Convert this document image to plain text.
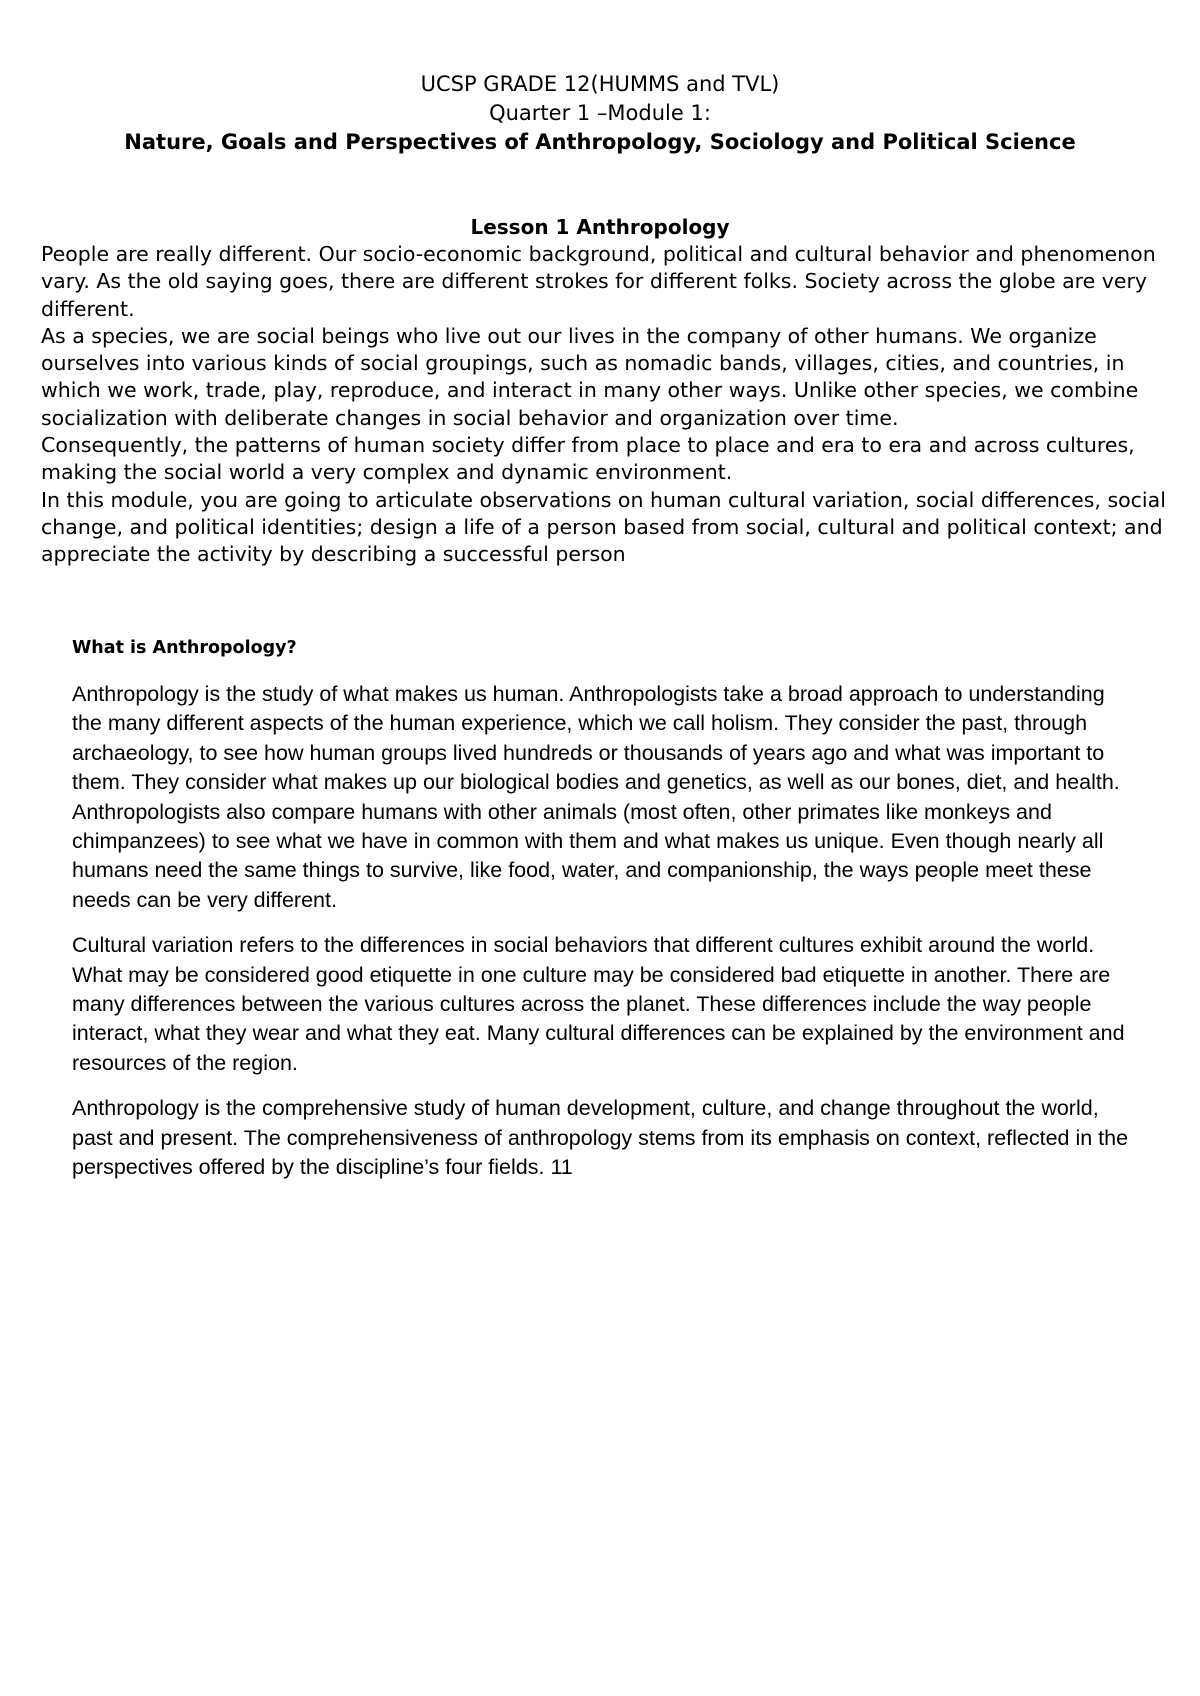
UCSP GRADE 12(HUMMS and TVL)
Quarter 1 –Module 1:
Nature, Goals and Perspectives of Anthropology, Sociology and Political Science
Lesson 1 Anthropology

People are really different. Our socio-economic background, political and cultural behavior and phenomenon vary. As the old saying goes, there are different strokes for different folks. Society across the globe are very different.

As a species, we are social beings who live out our lives in the company of other humans. We organize ourselves into various kinds of social groupings, such as nomadic bands, villages, cities, and countries, in which we work, trade, play, reproduce, and interact in many other ways. Unlike other species, we combine socialization with deliberate changes in social behavior and organization over time.

Consequently, the patterns of human society differ from place to place and era to era and across cultures, making the social world a very complex and dynamic environment.

In this module, you are going to articulate observations on human cultural variation, social differences, social change, and political identities; design a life of a person based from social, cultural and political context; and appreciate the activity by describing a successful person

What is Anthropology?

Anthropology is the study of what makes us human. Anthropologists take a broad approach to understanding the many different aspects of the human experience, which we call holism. They consider the past, through archaeology, to see how human groups lived hundreds or thousands of years ago and what was important to them. They consider what makes up our biological bodies and genetics, as well as our bones, diet, and health. Anthropologists also compare humans with other animals (most often, other primates like monkeys and chimpanzees) to see what we have in common with them and what makes us unique. Even though nearly all humans need the same things to survive, like food, water, and companionship, the ways people meet these needs can be very different.

Cultural variation refers to the differences in social behaviors that different cultures exhibit around the world. What may be considered good etiquette in one culture may be considered bad etiquette in another. There are many differences between the various cultures across the planet. These differences include the way people interact, what they wear and what they eat. Many cultural differences can be explained by the environment and resources of the region.

Anthropology is the comprehensive study of human development, culture, and change throughout the world, past and present. The comprehensiveness of anthropology stems from its emphasis on context, reflected in the perspectives offered by the discipline’s four fields. 11
